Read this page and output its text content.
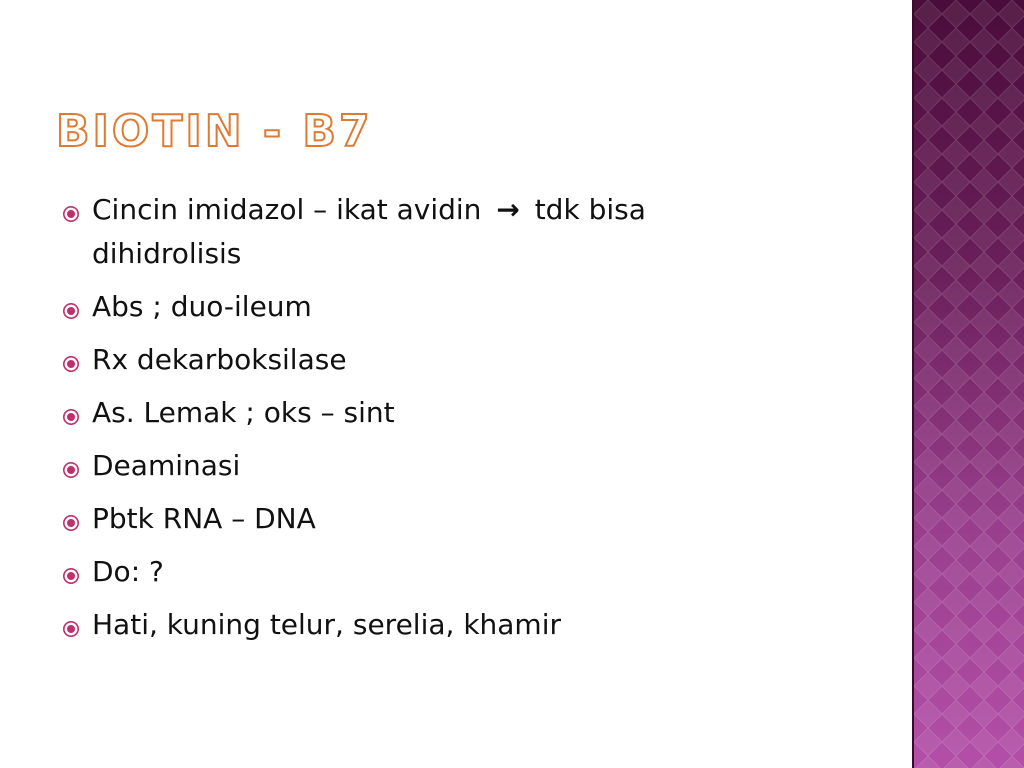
BIOTIN - B7
Cincin imidazol – ikat avidin → tdk bisa dihidrolisis
Abs ; duo-ileum
Rx dekarboksilase
As. Lemak ; oks – sint
Deaminasi
Pbtk RNA – DNA
Do: ?
Hati, kuning telur, serelia, khamir
